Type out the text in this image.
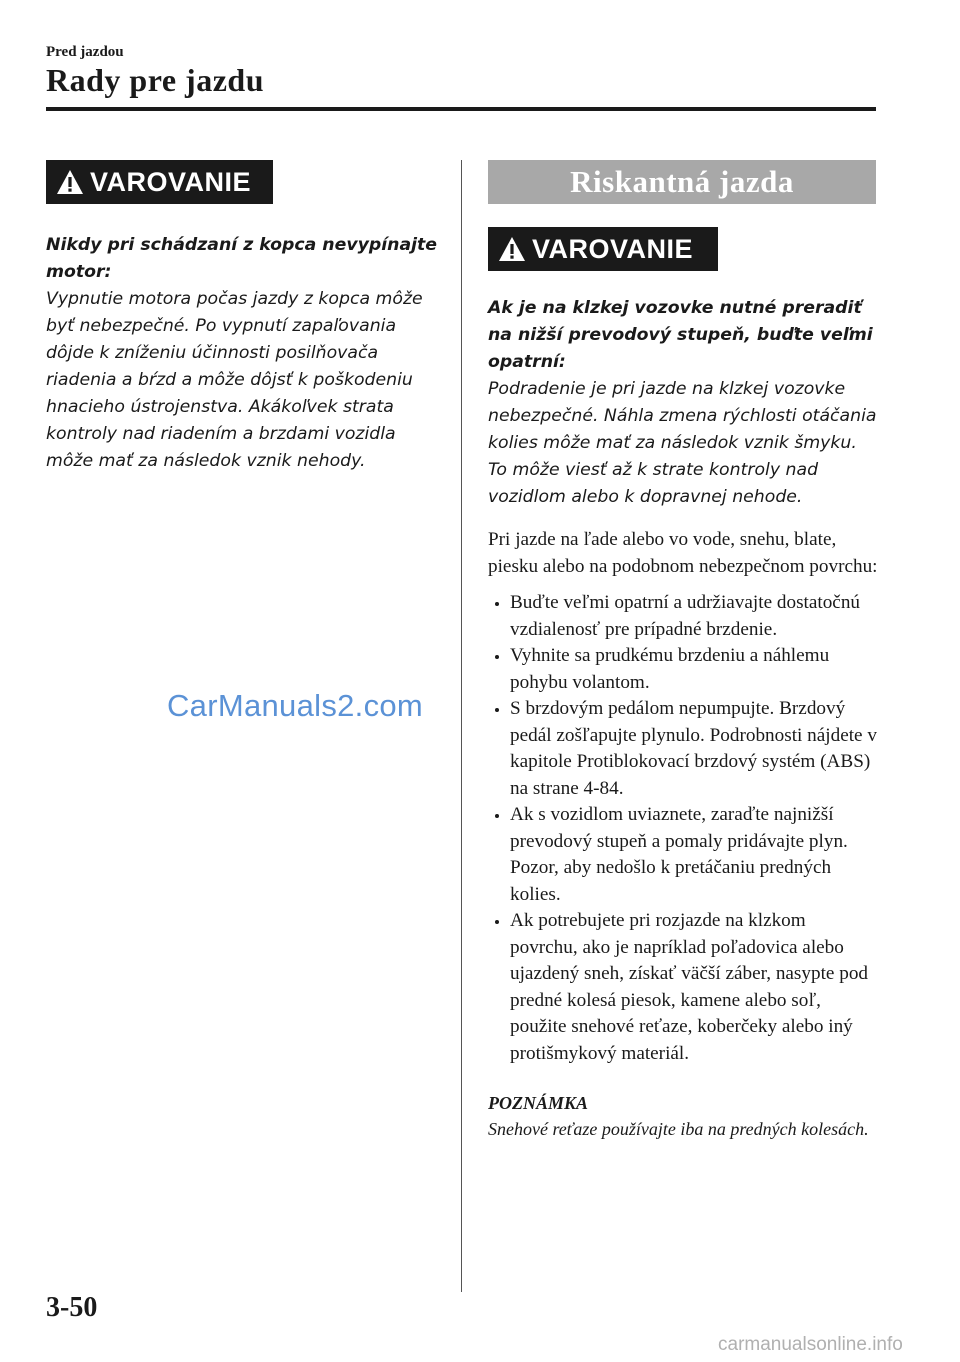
Pred jazdou
Rady pre jazdu
VAROVANIE

Nikdy pri schádzaní z kopca nevypínajte motor:

Vypnutie motora počas jazdy z kopca môže byť nebezpečné. Po vypnutí zapaľovania dôjde k zníženiu účinnosti posilňovača riadenia a bŕzd a môže dôjsť k poškodeniu hnacieho ústrojenstva. Akákoľvek strata kontroly nad riadením a brzdami vozidla môže mať za následok vznik nehody.

Riskantná jazda
VAROVANIE

Ak je na klzkej vozovke nutné preradiť na nižší prevodový stupeň, buďte veľmi opatrní:

Podradenie je pri jazde na klzkej vozovke nebezpečné. Náhla zmena rýchlosti otáčania kolies môže mať za následok vznik šmyku. To môže viesť až k strate kontroly nad vozidlom alebo k dopravnej nehode.

Pri jazde na ľade alebo vo vode, snehu, blate, piesku alebo na podobnom nebezpečnom povrchu:

Buďte veľmi opatrní a udržiavajte dostatočnú vzdialenosť pre prípadné brzdenie.
Vyhnite sa prudkému brzdeniu a náhlemu pohybu volantom.
S brzdovým pedálom nepumpujte. Brzdový pedál zošľapujte plynulo. Podrobnosti nájdete v kapitole Protiblokovací brzdový systém (ABS) na strane 4-84.
Ak s vozidlom uviaznete, zaraďte najnižší prevodový stupeň a pomaly pridávajte plyn. Pozor, aby nedošlo k pretáčaniu predných kolies.
Ak potrebujete pri rozjazde na klzkom povrchu, ako je napríklad poľadovica alebo ujazdený sneh, získať väčší záber, nasypte pod predné kolesá piesok, kamene alebo soľ, použite snehové reťaze, koberčeky alebo iný protišmykový materiál.

POZNÁMKA

Snehové reťaze používajte iba na predných kolesách.

CarManuals2.com
3-50
carmanualsonline.info
